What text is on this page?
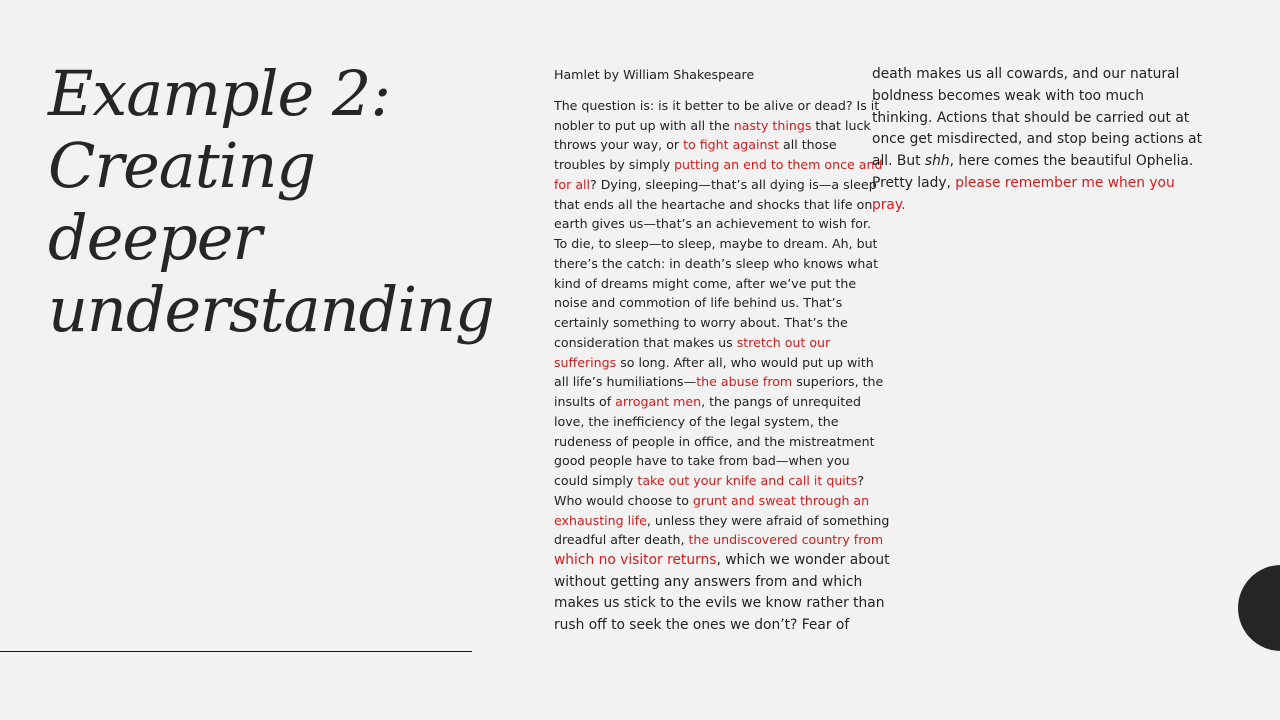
Example 2:
Creating
deeper
understanding

Hamlet by William Shakespeare

The question is: is it better to be alive or dead? Is it
nobler to put up with all the nasty things that luck
throws your way, or to fight against all those
troubles by simply putting an end to them once and
for all? Dying, sleeping—that’s all dying is—a sleep
that ends all the heartache and shocks that life on
earth gives us—that’s an achievement to wish for.
To die, to sleep—to sleep, maybe to dream. Ah, but
there’s the catch: in death’s sleep who knows what
kind of dreams might come, after we’ve put the
noise and commotion of life behind us. That’s
certainly something to worry about. That’s the
consideration that makes us stretch out our
sufferings so long. After all, who would put up with
all life’s humiliations—the abuse from superiors, the
insults of arrogant men, the pangs of unrequited
love, the inefficiency of the legal system, the
rudeness of people in office, and the mistreatment
good people have to take from bad—when you
could simply take out your knife and call it quits?
Who would choose to grunt and sweat through an
exhausting life, unless they were afraid of something
dreadful after death, the undiscovered country from
which no visitor returns, which we wonder about
without getting any answers from and which
makes us stick to the evils we know rather than
rush off to seek the ones we don’t? Fear of
death makes us all cowards, and our natural
boldness becomes weak with too much
thinking. Actions that should be carried out at
once get misdirected, and stop being actions at
all. But shh, here comes the beautiful Ophelia.
Pretty lady, please remember me when you
pray.
